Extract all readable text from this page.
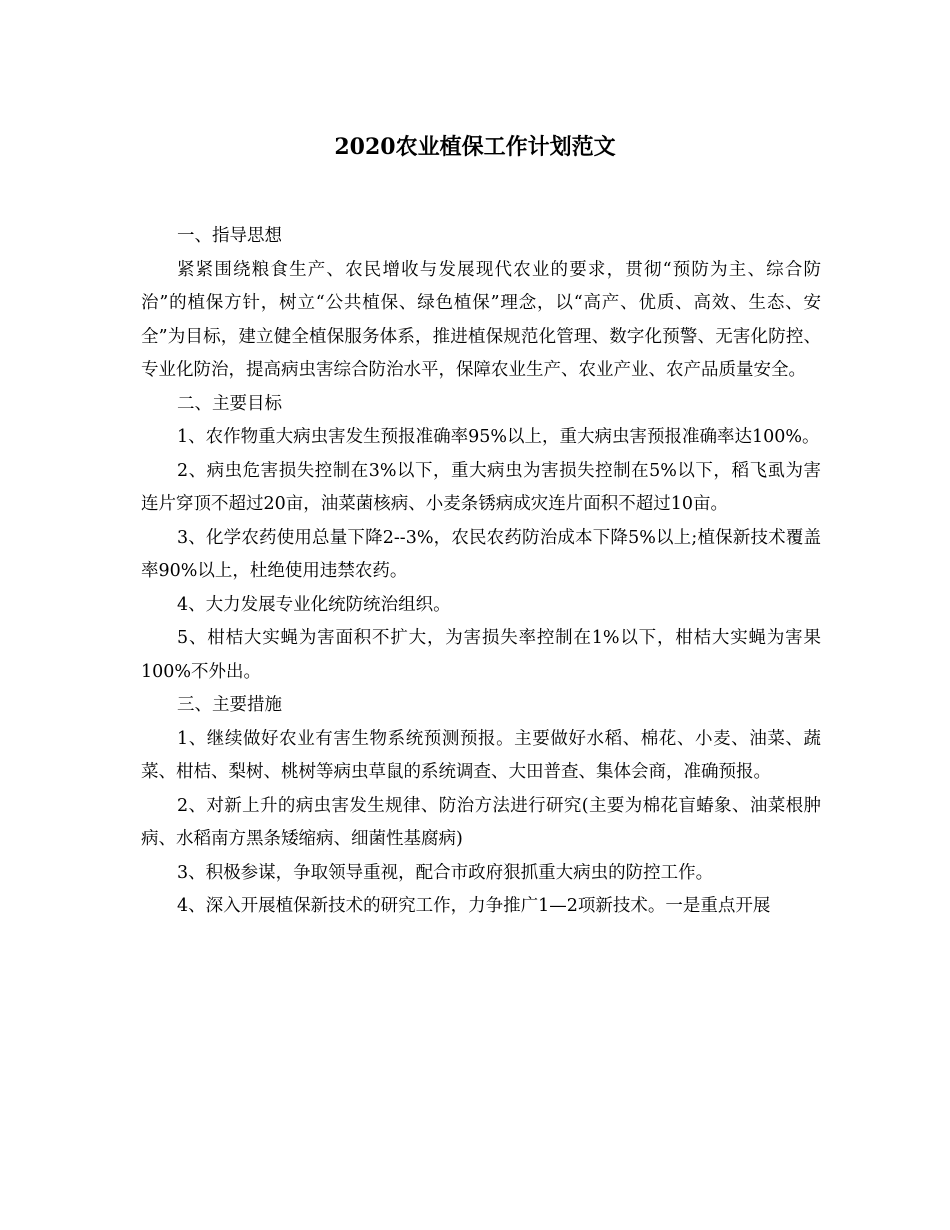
2020农业植保工作计划范文

一、指导思想

紧紧围绕粮食生产、农民增收与发展现代农业的要求，贯彻“预防为主、综合防治”的植保方针，树立“公共植保、绿色植保”理念，以“高产、优质、高效、生态、安全”为目标，建立健全植保服务体系，推进植保规范化管理、数字化预警、无害化防控、专业化防治，提高病虫害综合防治水平，保障农业生产、农业产业、农产品质量安全。

二、主要目标

1、农作物重大病虫害发生预报准确率95%以上，重大病虫害预报准确率达100%。

2、病虫危害损失控制在3%以下，重大病虫为害损失控制在5%以下，稻飞虱为害连片穿顶不超过20亩，油菜菌核病、小麦条锈病成灾连片面积不超过10亩。

3、化学农药使用总量下降2--3%，农民农药防治成本下降5%以上;植保新技术覆盖率90%以上，杜绝使用违禁农药。

4、大力发展专业化统防统治组织。

5、柑桔大实蝇为害面积不扩大，为害损失率控制在1%以下，柑桔大实蝇为害果100%不外出。

三、主要措施

1、继续做好农业有害生物系统预测预报。主要做好水稻、棉花、小麦、油菜、蔬菜、柑桔、梨树、桃树等病虫草鼠的系统调查、大田普查、集体会商，准确预报。

2、对新上升的病虫害发生规律、防治方法进行研究(主要为棉花盲蝽象、油菜根肿病、水稻南方黑条矮缩病、细菌性基腐病)

3、积极参谋，争取领导重视，配合市政府狠抓重大病虫的防控工作。

4、深入开展植保新技术的研究工作，力争推广1—2项新技术。一是重点开展
